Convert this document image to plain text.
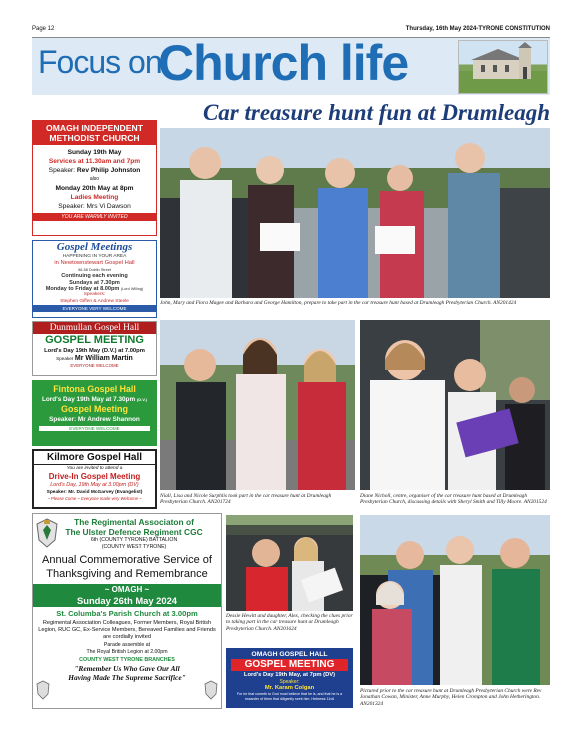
Page 12	Thursday, 16th May 2024-TYRONE CONSTITUTION
Focus on
Church life
Car treasure hunt fun at Drumleagh
John, Mary and Flora Magee and Barbara and George Hamilton, prepare to take part in the car treasure hunt based at Drumleagh Presbyterian Church. AN201424
Niall, Lisa and Nicole Surphlis took part in the car treasure hunt at Drumleagh Presbyterian Church. AN201724
Diane Nicholl, centre, organiser of the car treasure hunt based at Drumleagh Presbyterian Church, discussing details with Sheryl Smith and Tilly Moore. AN201524
Dessie Hewitt and daughter, Alex, checking the clues prior to taking part in the car treasure hunt at Drumleagh Presbyterian Church. AN201624
Pictured prior to the car treasure hunt at Drumleagh Presbyterian Church were Rev Jonathan Cowan, Minister, Anne Murphy, Helen Crompton and John Hetherington. AN201324
OMAGH INDEPENDENT
METHODIST CHURCH
Sunday 19th May
Services at 11.30am and 7pm
Speaker: Rev Philip Johnston
also
Monday 20th May at 8pm
Ladies Meeting
Speaker: Mrs Vi Dawson
YOU ARE WARMLY INVITED
Gospel Meetings
HAPPENING IN YOUR AREA
in Newtownstewart Gospel Hall
56-58 Dublin Street
Continuing each evening
Sundays at 7.30pm
Monday to Friday at 8.00pm (Lord Willing)
Speakers:
Stephen Giffen & Andrew Steele
EVERYONE VERY WELCOME
Dunmullan Gospel Hall
GOSPEL MEETING
Lord's Day 19th May (D.V.) at 7.00pm
Speaker Mr William Martin
EVERYONE WELCOME
Fintona Gospel Hall
Lord's Day 19th May at 7.30pm (D.V.)
Gospel Meeting
Speaker: Mr Andrew Shannon
EVERYONE WELCOME
Kilmore Gospel Hall
You are invited to attend a
Drive-In Gospel Meeting
Lord's Day, 19th May at 3.00pm (DV)
Speaker: Mr. David McGarvey (Evangelist)
~ Please Come ~ Everyone made very Welcome ~
The Regimental Associaton of
The Ulster Defence Regiment CGC
6th (COUNTY TYRONE) BATTALION
(COUNTY WEST TYRONE)
Annual Commemorative Service of
Thanksgiving and Remembrance
~ OMAGH ~
Sunday 26th May 2024
St. Columba's Parish Church at 3.00pm
Regimental Association Colleagues, Former Members, Royal British Legion, RUC GC, Ex-Service Members, Bereaved Families and Friends are cordially invited
Parade assemble at
The Royal British Legion at 2.00pm
COUNTY WEST TYRONE BRANCHES
"Remember Us Who Gave Our All
Having Made The Supreme Sacrifice"
OMAGH GOSPEL HALL
GOSPEL MEETING
Lord's Day 19th May, at 7pm (DV)
Speaker:
Mr. Karam Colgan
For he that cometh to God must believe that he is, and that he is a rewarder of them that diligently seek him. Hebrews 11v6
